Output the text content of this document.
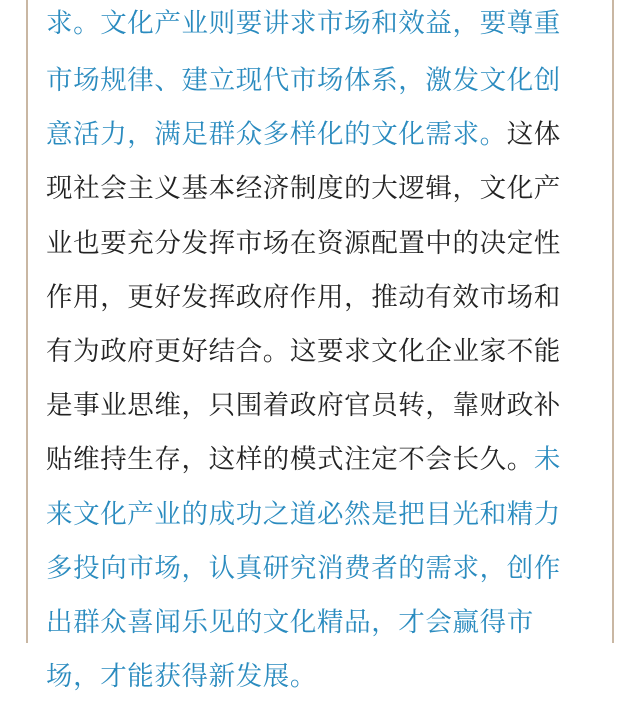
求。文化产业则要讲求市场和效益，要尊重
市场规律、建立现代市场体系，激发文化创
意活力，满足群众多样化的文化需求。这体
现社会主义基本经济制度的大逻辑，文化产
业也要充分发挥市场在资源配置中的决定性
作用，更好发挥政府作用，推动有效市场和
有为政府更好结合。这要求文化企业家不能
是事业思维，只围着政府官员转，靠财政补
贴维持生存，这样的模式注定不会长久。未
来文化产业的成功之道必然是把目光和精力
多投向市场，认真研究消费者的需求，创作
出群众喜闻乐见的文化精品，才会赢得市
场，才能获得新发展。
